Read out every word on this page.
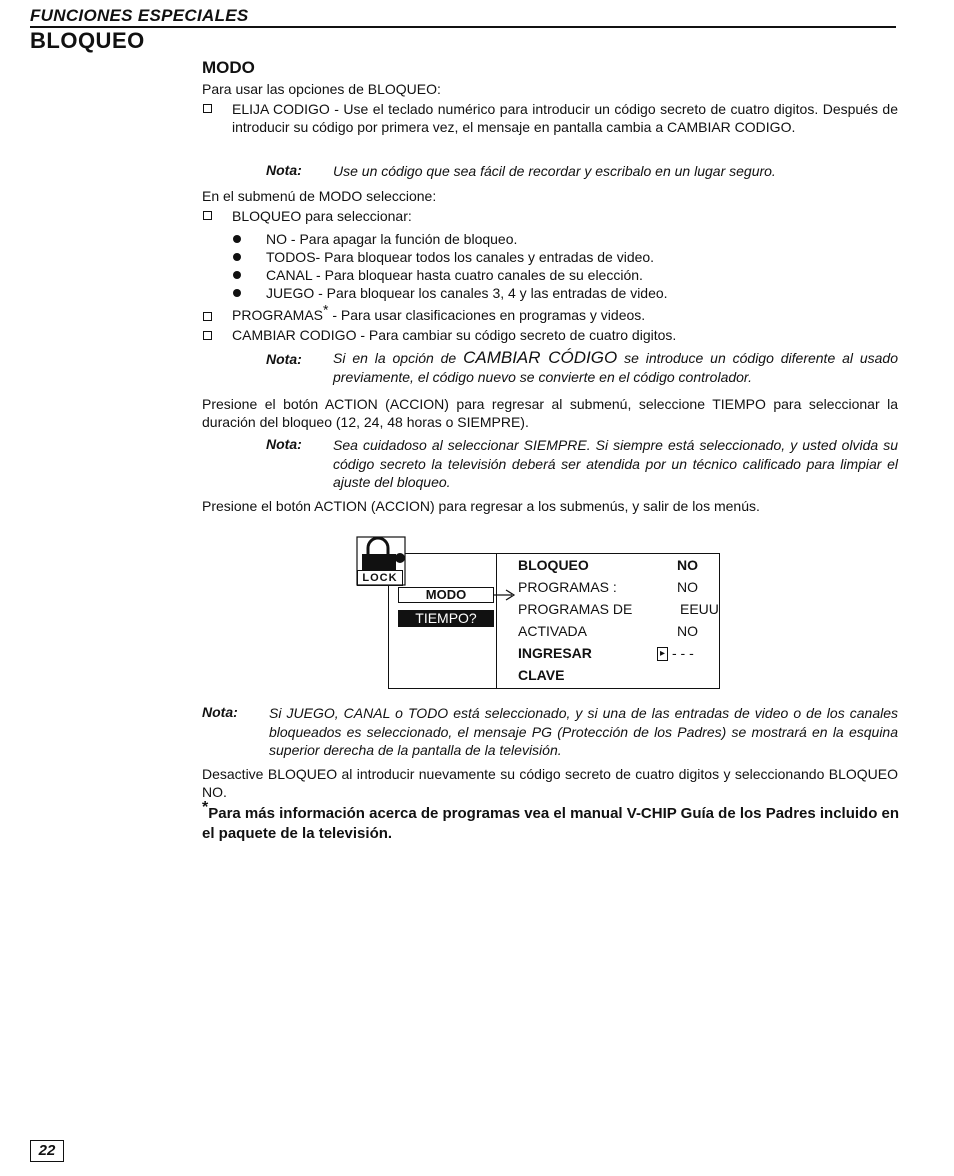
FUNCIONES ESPECIALES
BLOQUEO
MODO
Para usar las opciones de BLOQUEO:
ELIJA CODIGO - Use el teclado numérico para introducir un código secreto de cuatro digitos. Después de introducir su código por primera vez, el mensaje en pantalla cambia a CAMBIAR CODIGO.
Nota: Use un código que sea fácil de recordar y escribalo en un lugar seguro.
En el submenú de MODO seleccione:
BLOQUEO para seleccionar:
NO - Para apagar la función de bloqueo.
TODOS- Para bloquear todos los canales y entradas de video.
CANAL - Para bloquear hasta cuatro canales de su elección.
JUEGO - Para bloquear los canales 3, 4 y las entradas de video.
PROGRAMAS* - Para usar clasificaciones en programas y videos.
CAMBIAR CODIGO - Para cambiar su código secreto de cuatro digitos.
Nota: Si en la opción de CAMBIAR CÓDIGO se introduce un código diferente al usado previamente, el código nuevo se convierte en el código controlador.
Presione el botón ACTION (ACCION) para regresar al submenú, seleccione TIEMPO para seleccionar la duración del bloqueo (12, 24, 48 horas o SIEMPRE).
Nota: Sea cuidadoso al seleccionar SIEMPRE. Si siempre está seleccionado, y usted olvida su código secreto la televisión deberá ser atendida por un técnico calificado para limpiar el ajuste del bloqueo.
Presione el botón ACTION (ACCION) para regresar a los submenús, y salir de los menús.
LOCK
MODO
TIEMPO?
BLOQUEO	NO
PROGRAMAS :	NO
PROGRAMAS DE	EEUU
ACTIVADA	NO
INGRESAR	▸ - - -
CLAVE
Nota: Si JUEGO, CANAL o TODO está seleccionado, y si una de las entradas de video o de los canales bloqueados es seleccionado, el mensaje PG (Protección de los Padres) se mostrará en la esquina superior derecha de la pantalla de la televisión.
Desactive BLOQUEO al introducir nuevamente su código secreto de cuatro digitos y seleccionando BLOQUEO NO.
*Para más información acerca de programas vea el manual V-CHIP Guía de los Padres incluido en el paquete de la televisión.
22
